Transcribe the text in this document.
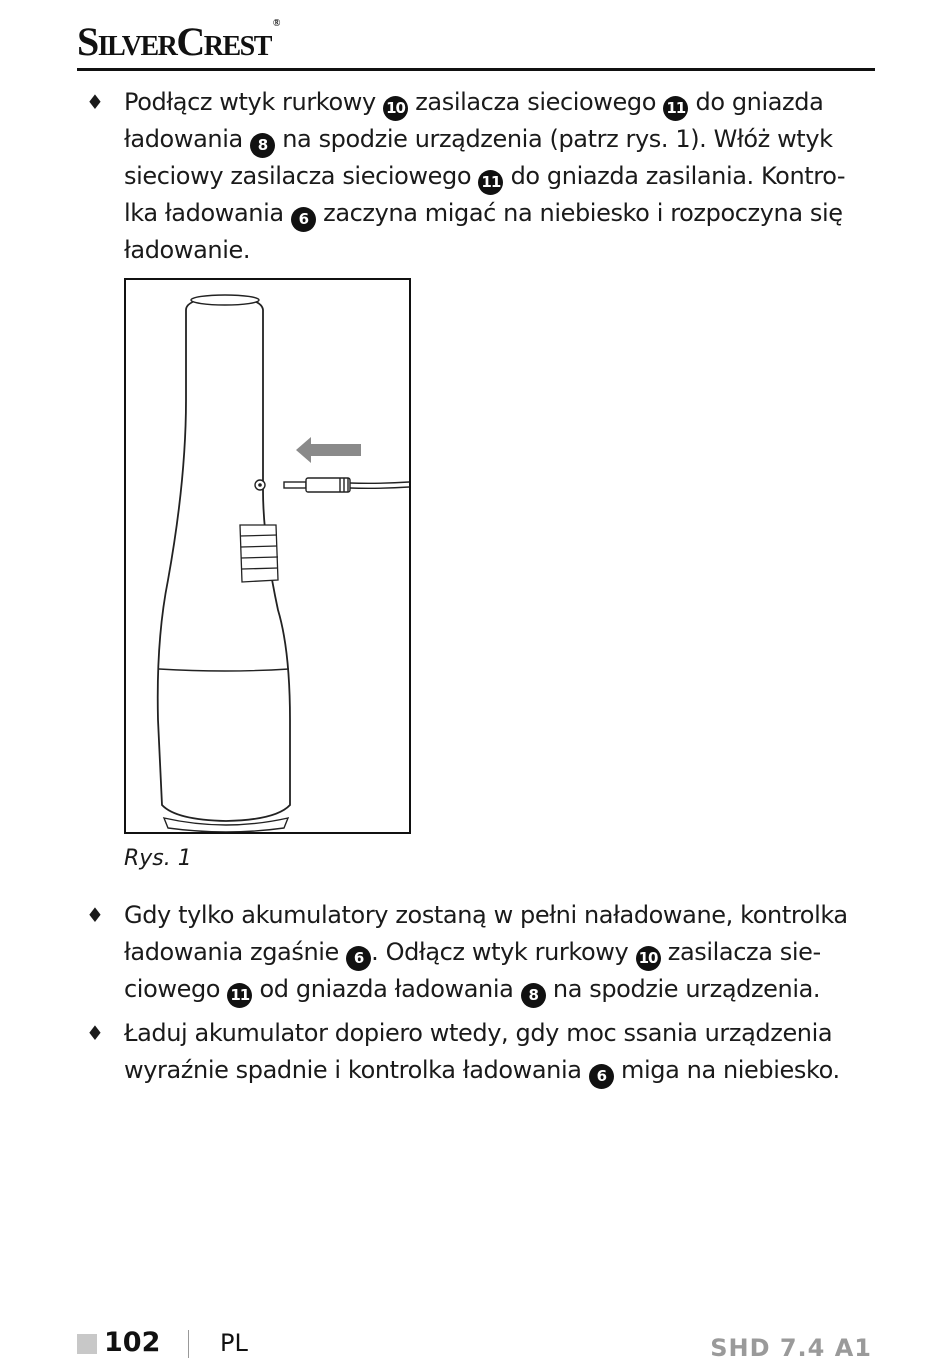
SilverCrest ®
♦ Podłącz wtyk rurkowy 10 zasilacza sieciowego 11 do gniazda
ładowania 8 na spodzie urządzenia (patrz rys. 1). Włóż wtyk
sieciowy zasilacza sieciowego 11 do gniazda zasilania. Kontro-
lka ładowania 6 zaczyna migać na niebiesko i rozpoczyna się
ładowanie.
Rys. 1
♦ Gdy tylko akumulatory zostaną w pełni naładowane, kontrolka
ładowania zgaśnie 6 . Odłącz wtyk rurkowy 10 zasilacza sie-
ciowego 11 od gniazda ładowania 8 na spodzie urządzenia.
♦ Ładuj akumulator dopiero wtedy, gdy moc ssania urządzenia
wyraźnie spadnie i kontrolka ładowania 6 miga na niebiesko.
102 PL	SHD 7.4 A1
